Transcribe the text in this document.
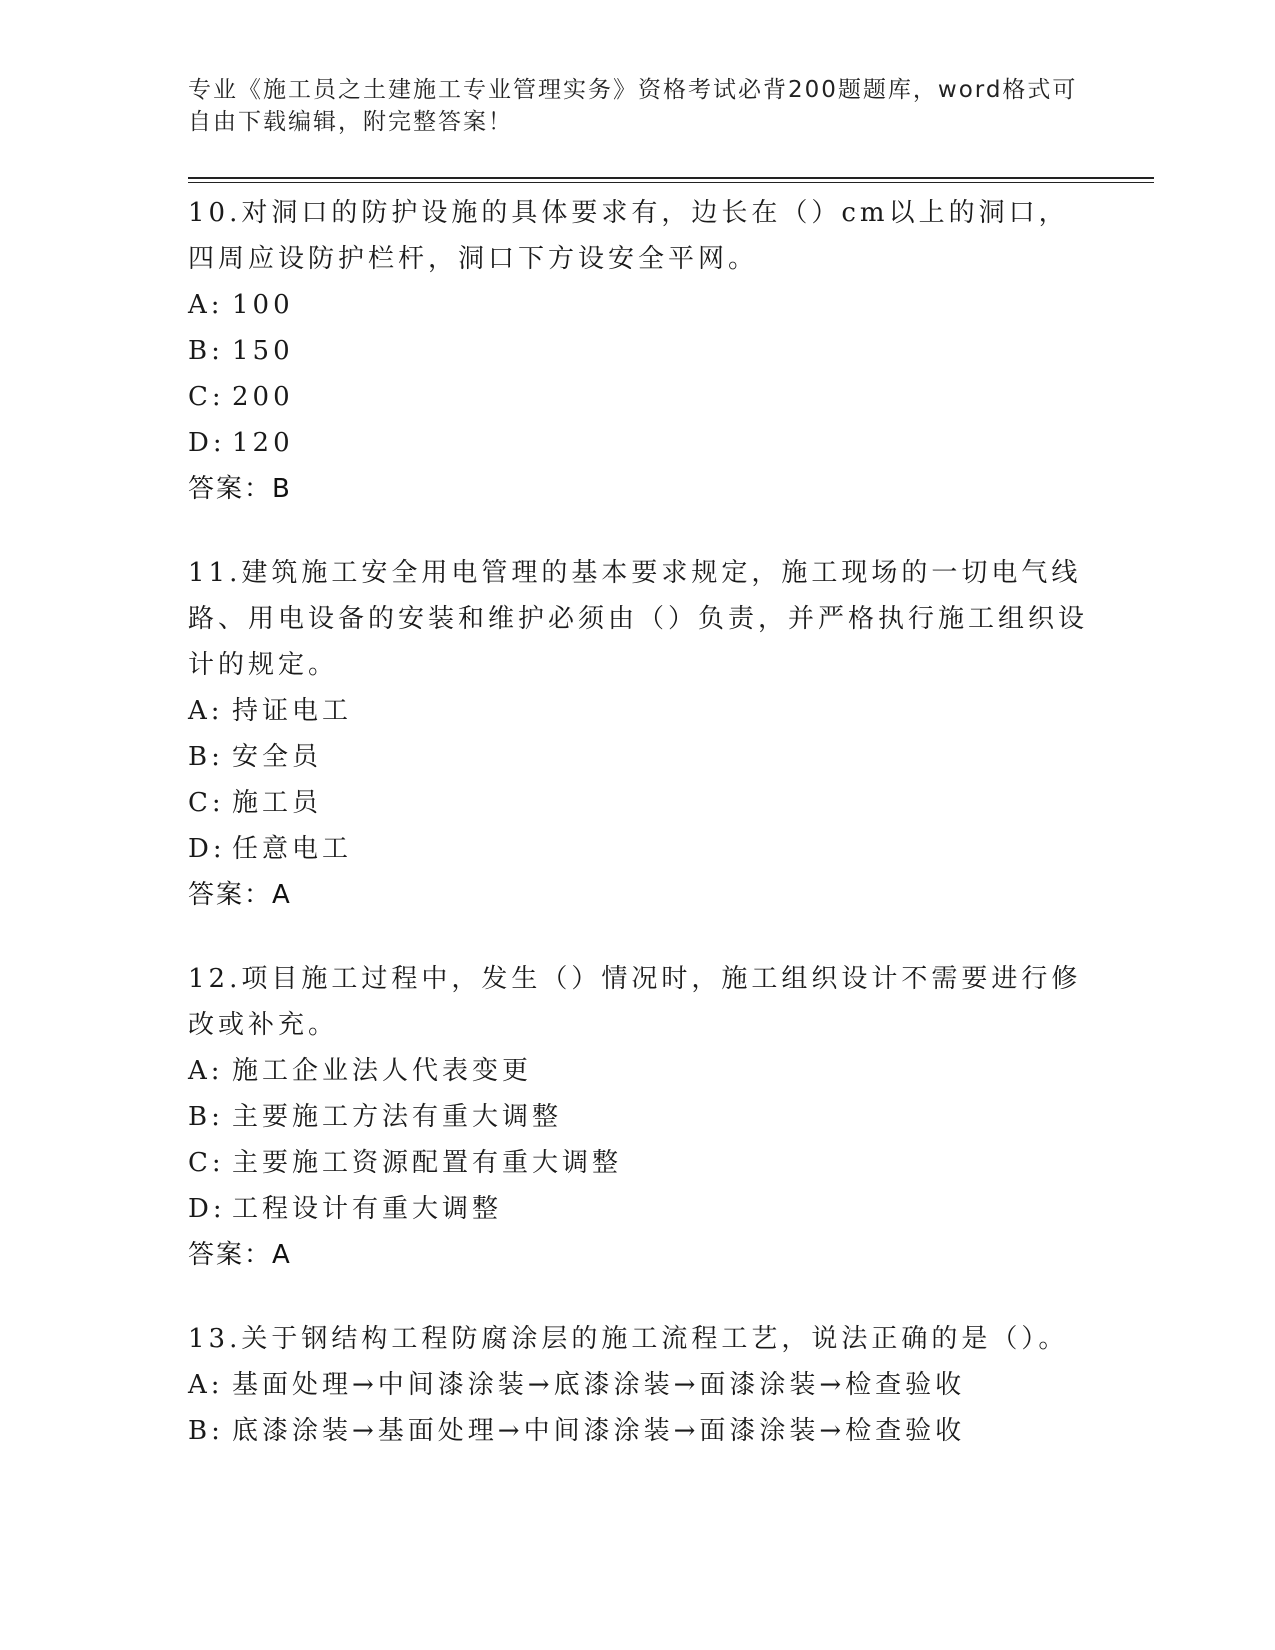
专业《施工员之土建施工专业管理实务》资格考试必背200题题库，word格式可
自由下载编辑，附完整答案！

10.对洞口的防护设施的具体要求有，边长在（）cm以上的洞口，四周应设防护栏杆，洞口下方设安全平网。

A: 100
B: 150
C: 200
D: 120
答案：B

11.建筑施工安全用电管理的基本要求规定，施工现场的一切电气线路、用电设备的安装和维护必须由（）负责，并严格执行施工组织设计的规定。

A: 持证电工
B: 安全员
C: 施工员
D: 任意电工
答案：A

12.项目施工过程中，发生（）情况时，施工组织设计不需要进行修改或补充。

A: 施工企业法人代表变更
B: 主要施工方法有重大调整
C: 主要施工资源配置有重大调整
D: 工程设计有重大调整
答案：A

13.关于钢结构工程防腐涂层的施工流程工艺，说法正确的是（）。

A: 基面处理→中间漆涂装→底漆涂装→面漆涂装→检查验收
B: 底漆涂装→基面处理→中间漆涂装→面漆涂装→检查验收
